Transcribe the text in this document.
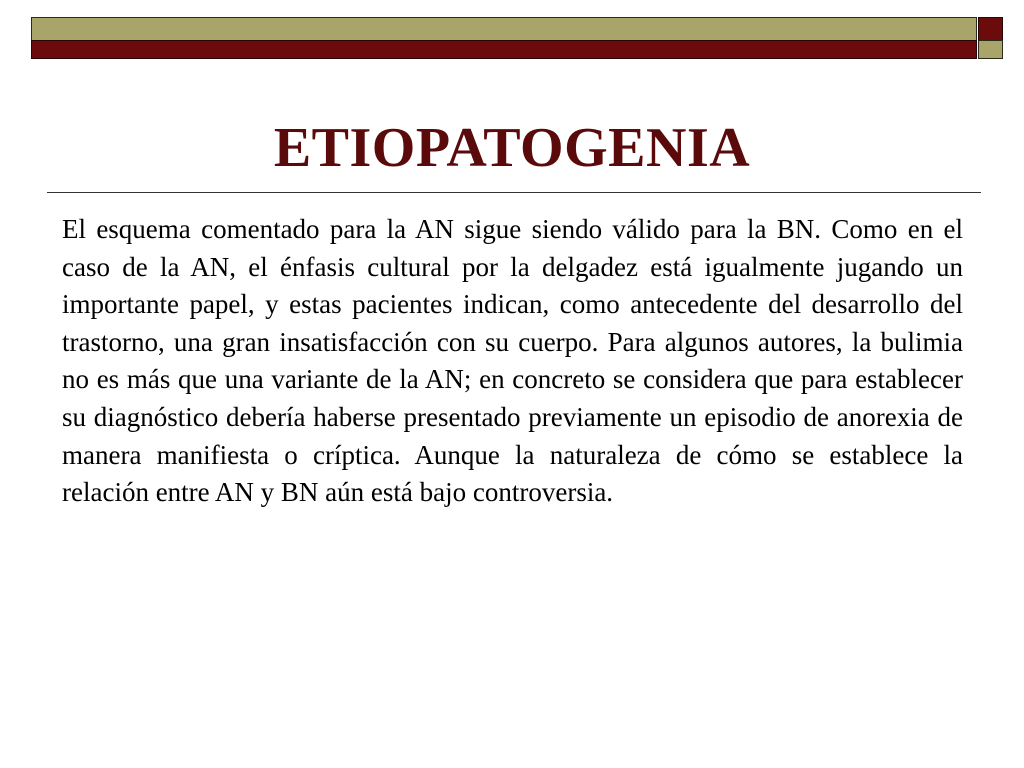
ETIOPATOGENIA

El esquema comentado para la AN sigue siendo válido para la BN. Como en el caso de la AN, el énfasis cultural por la delgadez está igualmente jugando un importante papel, y estas pacientes indican, como antecedente del desarrollo del trastorno, una gran insatisfacción con su cuerpo. Para algunos autores, la bulimia no es más que una variante de la AN; en concreto se considera que para establecer su diagnóstico debería haberse presentado previamente un episodio de anorexia de manera manifiesta o críptica. Aunque la naturaleza de cómo se establece la relación entre AN y BN aún está bajo controversia.
